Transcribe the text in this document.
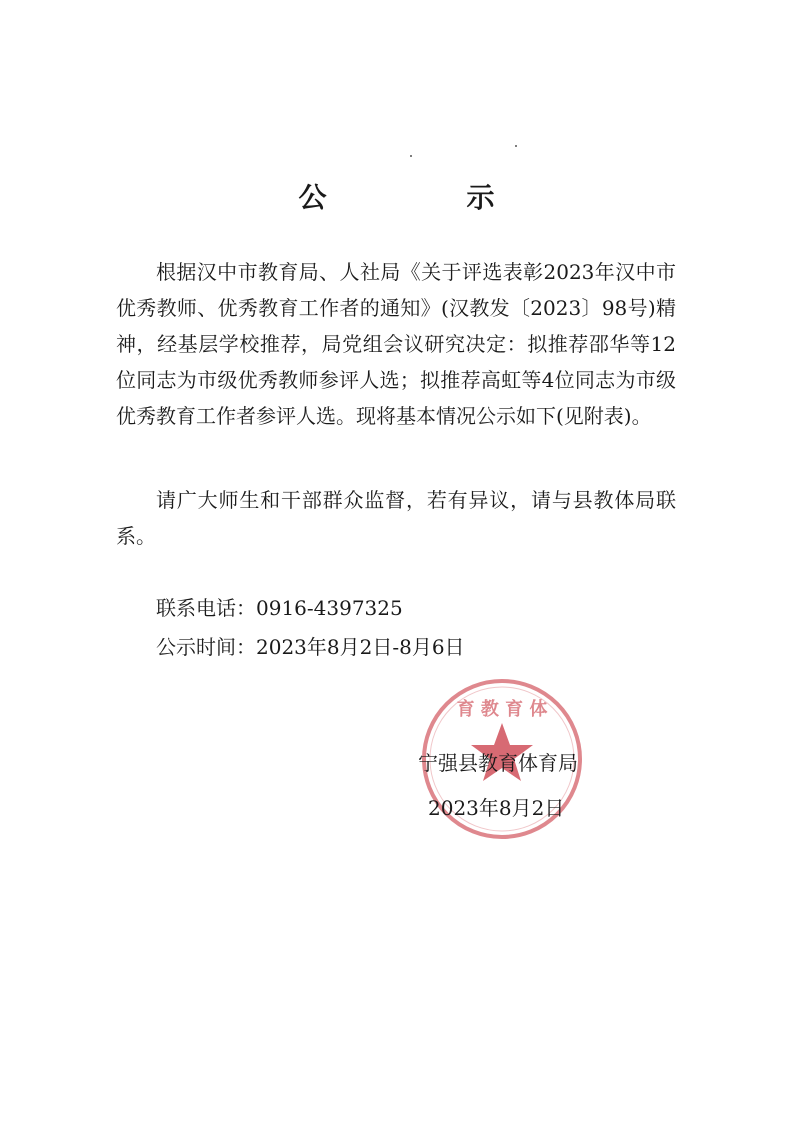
公　示
根据汉中市教育局、人社局《关于评选表彰2023年汉中市优秀教师、优秀教育工作者的通知》(汉教发〔2023〕98号)精神，经基层学校推荐，局党组会议研究决定：拟推荐邵华等12位同志为市级优秀教师参评人选；拟推荐高虹等4位同志为市级优秀教育工作者参评人选。现将基本情况公示如下(见附表)。
请广大师生和干部群众监督，若有异议，请与县教体局联系。
联系电话：0916-4397325
公示时间：2023年8月2日-8月6日
育 教 育 体
宁强县教育体育局
2023年8月2日
